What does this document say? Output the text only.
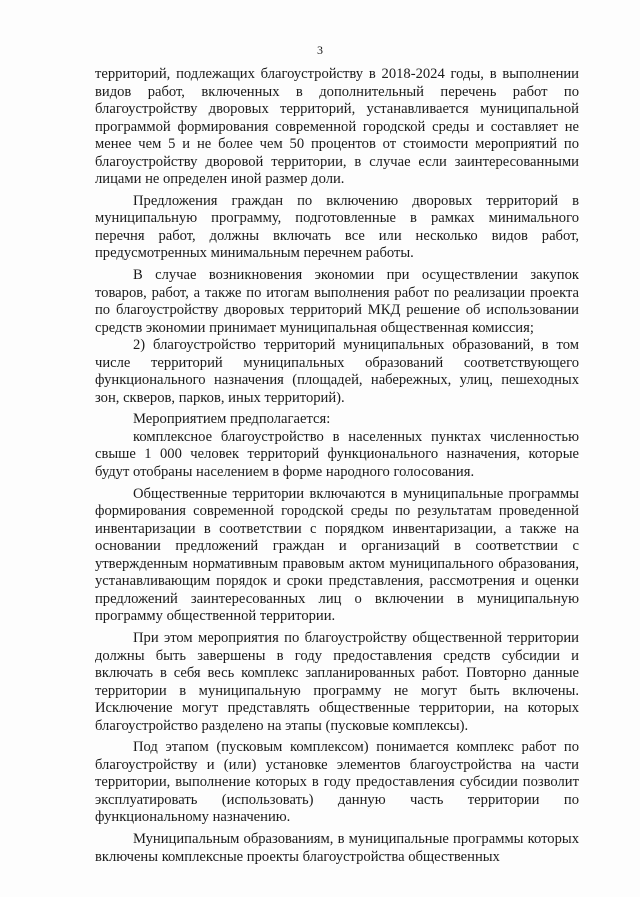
3

территорий, подлежащих благоустройству в 2018-2024 годы, в выполнении видов работ, включенных в дополнительный перечень работ по благоустройству дворовых территорий, устанавливается муниципальной программой формирования современной городской среды и составляет не менее чем 5 и не более чем 50 процентов от стоимости мероприятий по благоустройству дворовой территории, в случае если заинтересованными лицами не определен иной размер доли.

Предложения граждан по включению дворовых территорий в муниципальную программу, подготовленные в рамках минимального перечня работ, должны включать все или несколько видов работ, предусмотренных минимальным перечнем работы.

В случае возникновения экономии при осуществлении закупок товаров, работ, а также по итогам выполнения работ по реализации проекта по благоустройству дворовых территорий МКД решение об использовании средств экономии принимает муниципальная общественная комиссия;

2) благоустройство территорий муниципальных образований, в том числе территорий муниципальных образований соответствующего функционального назначения (площадей, набережных, улиц, пешеходных зон, скверов, парков, иных территорий).

Мероприятием предполагается:

комплексное благоустройство в населенных пунктах численностью свыше 1 000 человек территорий функционального назначения, которые будут отобраны населением в форме народного голосования.

Общественные территории включаются в муниципальные программы формирования современной городской среды по результатам проведенной инвентаризации в соответствии с порядком инвентаризации, а также на основании предложений граждан и организаций в соответствии с утвержденным нормативным правовым актом муниципального образования, устанавливающим порядок и сроки представления, рассмотрения и оценки предложений заинтересованных лиц о включении в муниципальную программу общественной территории.

При этом мероприятия по благоустройству общественной территории должны быть завершены в году предоставления средств субсидии и включать в себя весь комплекс запланированных работ. Повторно данные территории в муниципальную программу не могут быть включены. Исключение могут представлять общественные территории, на которых благоустройство разделено на этапы (пусковые комплексы).

Под этапом (пусковым комплексом) понимается комплекс работ по благоустройству и (или) установке элементов благоустройства на части территории, выполнение которых в году предоставления субсидии позволит эксплуатировать (использовать) данную часть территории по функциональному назначению.

Муниципальным образованиям, в муниципальные программы которых включены комплексные проекты благоустройства общественных
